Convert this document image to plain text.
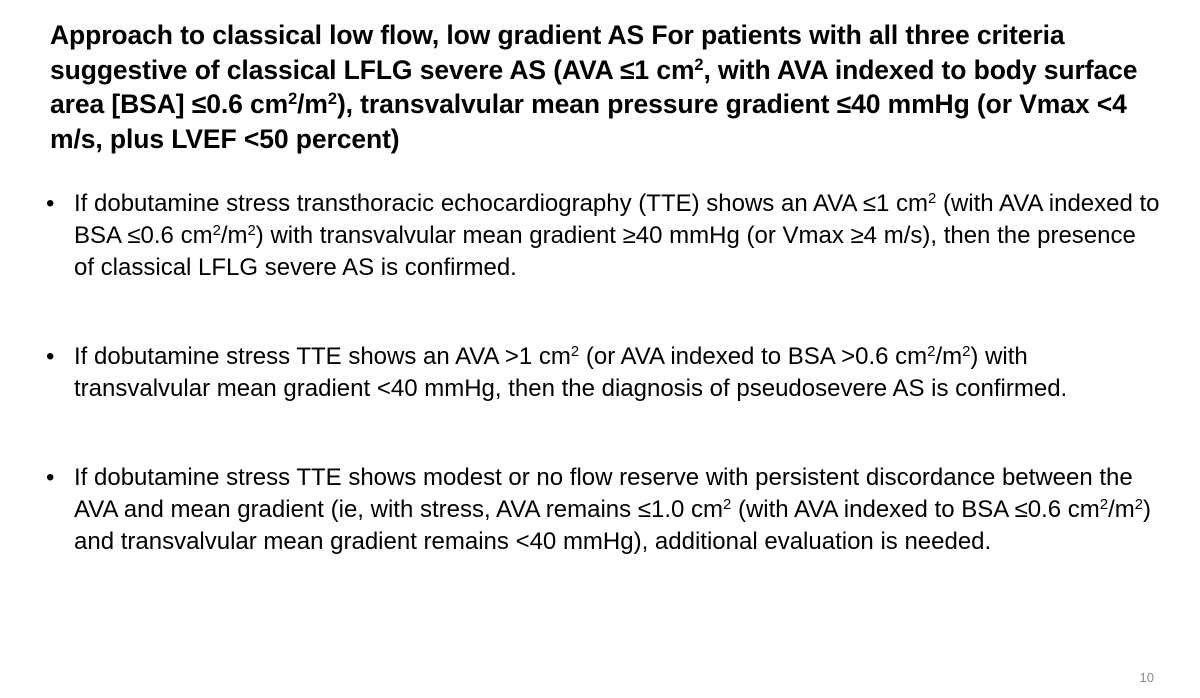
Approach to classical low flow, low gradient AS For patients with all three criteria suggestive of classical LFLG severe AS (AVA ≤1 $cm^2$, with AVA indexed to body surface area [BSA] ≤0.6 $cm^2/m^2$), transvalvular mean pressure gradient ≤40 mmHg (or Vmax <4 m/s, plus LVEF <50 percent)
• If dobutamine stress transthoracic echocardiography (TTE) shows an AVA ≤1 $cm^2$ (with AVA indexed to BSA ≤0.6 $cm^2/m^2$) with transvalvular mean gradient ≥40 mmHg (or Vmax ≥4 m/s), then the presence of classical LFLG severe AS is confirmed.
• If dobutamine stress TTE shows an AVA >1 $cm^2$ (or AVA indexed to BSA >0.6 $cm^2/m^2$) with transvalvular mean gradient <40 mmHg, then the diagnosis of pseudosevere AS is confirmed.
• If dobutamine stress TTE shows modest or no flow reserve with persistent discordance between the AVA and mean gradient (ie, with stress, AVA remains ≤1.0 $cm^2$ (with AVA indexed to BSA ≤0.6 $cm^2/m^2$) and transvalvular mean gradient remains <40 mmHg), additional evaluation is needed.
10
